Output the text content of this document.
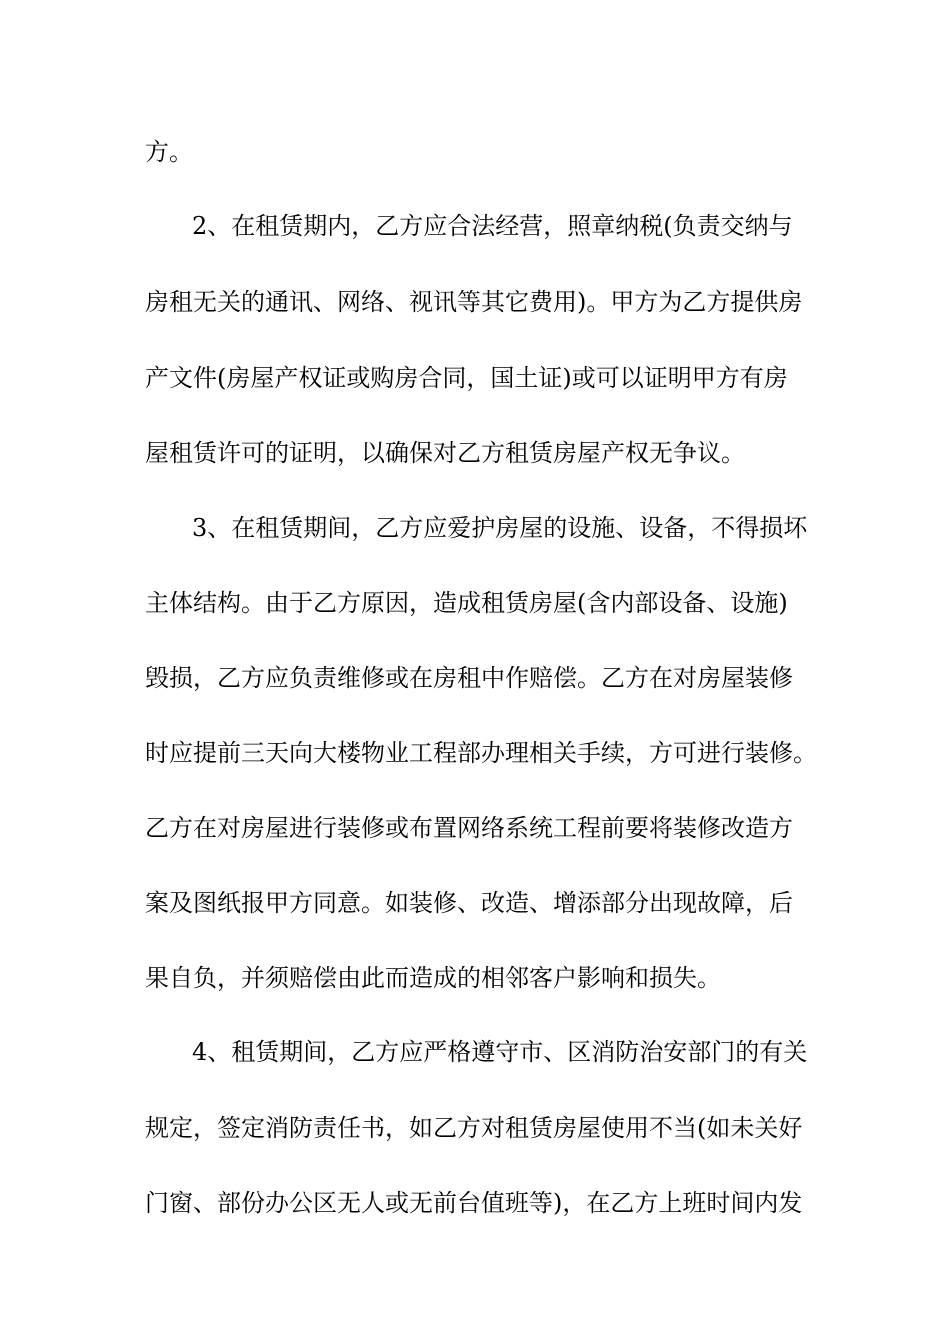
方。
2、在租赁期内，乙方应合法经营，照章纳税(负责交纳与
房租无关的通讯、网络、视讯等其它费用)。甲方为乙方提供房
产文件(房屋产权证或购房合同，国土证)或可以证明甲方有房
屋租赁许可的证明，以确保对乙方租赁房屋产权无争议。
3、在租赁期间，乙方应爱护房屋的设施、设备，不得损坏
主体结构。由于乙方原因，造成租赁房屋(含内部设备、设施)
毁损，乙方应负责维修或在房租中作赔偿。乙方在对房屋装修
时应提前三天向大楼物业工程部办理相关手续，方可进行装修。
乙方在对房屋进行装修或布置网络系统工程前要将装修改造方
案及图纸报甲方同意。如装修、改造、增添部分出现故障，后
果自负，并须赔偿由此而造成的相邻客户影响和损失。
4、租赁期间，乙方应严格遵守市、区消防治安部门的有关
规定，签定消防责任书，如乙方对租赁房屋使用不当(如未关好
门窗、部份办公区无人或无前台值班等)，在乙方上班时间内发
